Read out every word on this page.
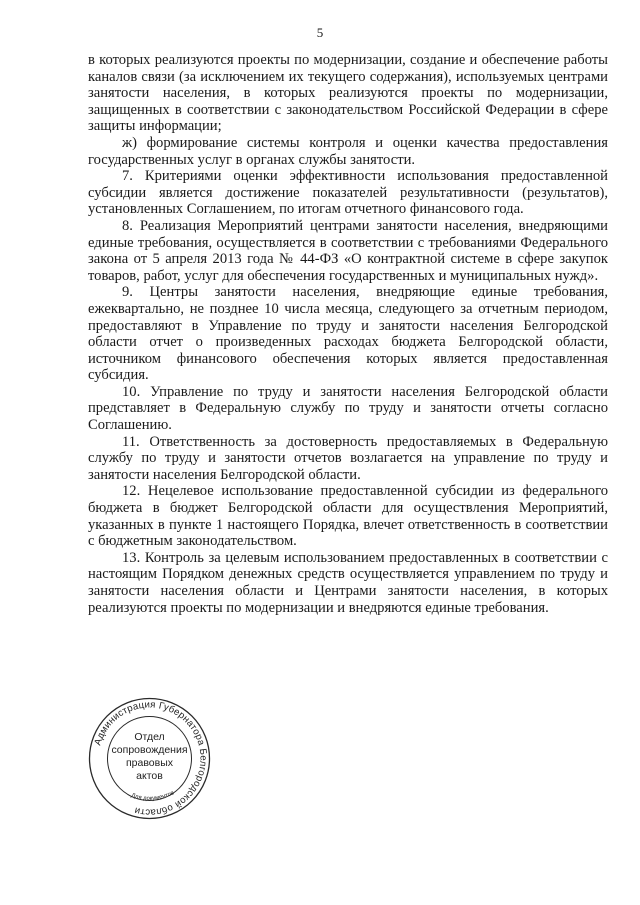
5

в которых реализуются проекты по модернизации, создание и обеспечение работы каналов связи (за исключением их текущего содержания), используемых центрами занятости населения, в которых реализуются проекты по модернизации, защищенных в соответствии с законодательством Российской Федерации в сфере защиты информации;

ж) формирование системы контроля и оценки качества предоставления государственных услуг в органах службы занятости.

7. Критериями оценки эффективности использования предоставленной субсидии является достижение показателей результативности (результатов), установленных Соглашением, по итогам отчетного финансового года.

8. Реализация Мероприятий центрами занятости населения, внедряющими единые требования, осуществляется в соответствии с требованиями Федерального закона от 5 апреля 2013 года № 44-ФЗ «О контрактной системе в сфере закупок товаров, работ, услуг для обеспечения государственных и муниципальных нужд».

9. Центры занятости населения, внедряющие единые требования, ежеквартально, не позднее 10 числа месяца, следующего за отчетным периодом, предоставляют в Управление по труду и занятости населения Белгородской области отчет о произведенных расходах бюджета Белгородской области, источником финансового обеспечения которых является предоставленная субсидия.

10. Управление по труду и занятости населения Белгородской области представляет в Федеральную службу по труду и занятости отчеты согласно Соглашению.

11. Ответственность за достоверность предоставляемых в Федеральную службу по труду и занятости отчетов возлагается на управление по труду и занятости населения Белгородской области.

12. Нецелевое использование предоставленной субсидии из федерального бюджета в бюджет Белгородской области для осуществления Мероприятий, указанных в пункте 1 настоящего Порядка, влечет ответственность в соответствии с бюджетным законодательством.

13. Контроль за целевым использованием предоставленных в соответствии с настоящим Порядком денежных средств осуществляется управлением по труду и занятости населения области и Центрами занятости населения, в которых реализуются проекты по модернизации и внедряются единые требования.

Администрация Губернатора Белгородской области
Отдел
сопровождения
правовых
актов
Для документов
